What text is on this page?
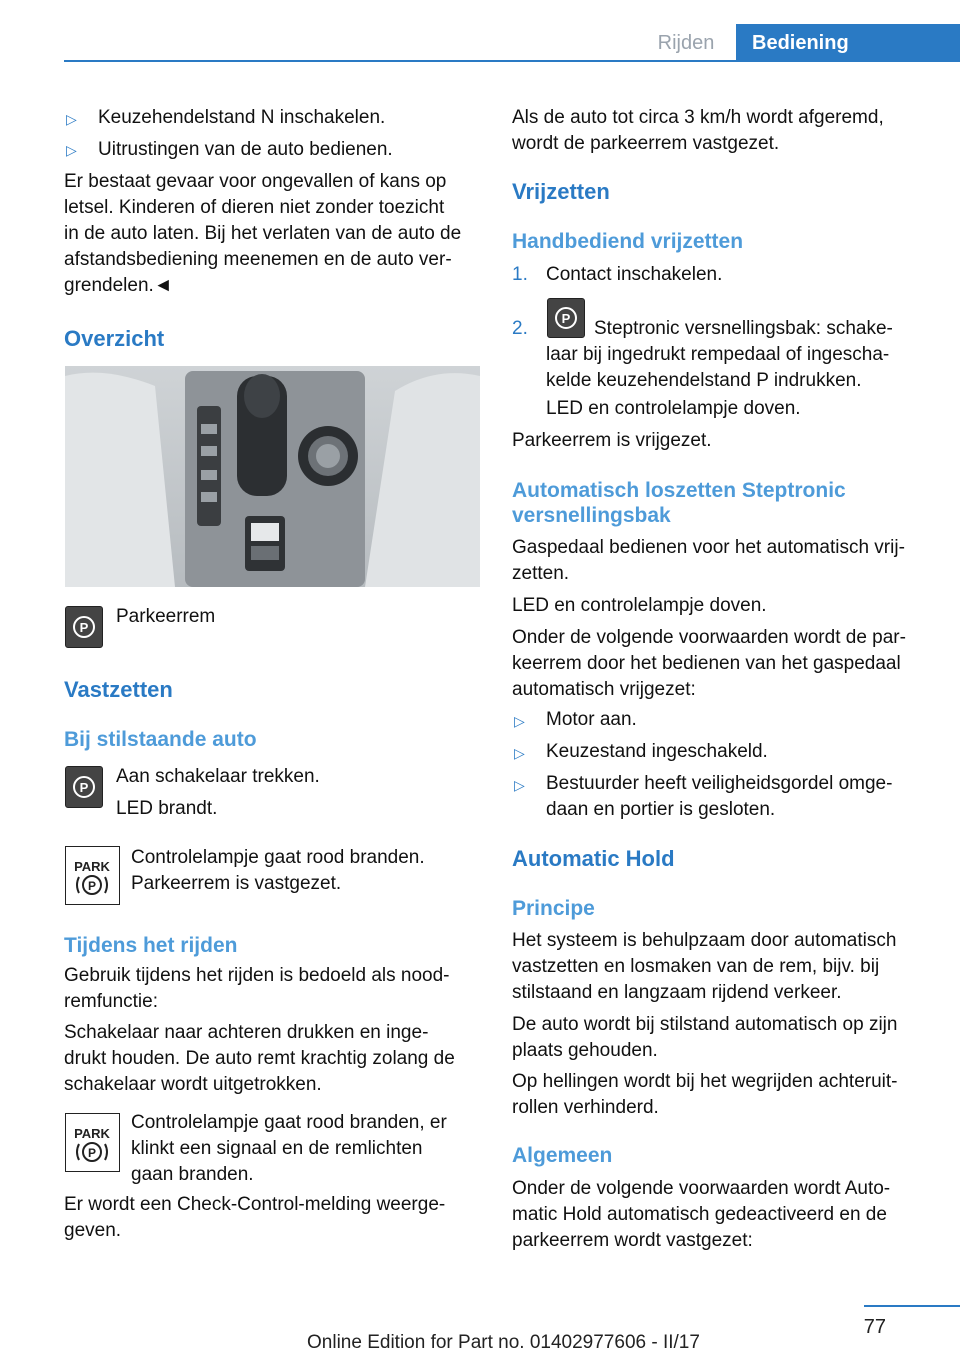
Rijden	Bediening
▷ Keuzehendelstand N inschakelen.
▷ Uitrustingen van de auto bedienen.
Er bestaat gevaar voor ongevallen of kans op
letsel. Kinderen of dieren niet zonder toezicht
in de auto laten. Bij het verlaten van de auto de
afstandsbediening meenemen en de auto ver-
grendelen.◄
Overzicht
P
Parkeerrem
Vastzetten
Bij stilstaande auto
P
Aan schakelaar trekken.
LED brandt.
PARK
P
Controlelampje gaat rood branden.
Parkeerrem is vastgezet.
Tijdens het rijden
Gebruik tijdens het rijden is bedoeld als nood-
remfunctie:
Schakelaar naar achteren drukken en inge-
drukt houden. De auto remt krachtig zolang de
schakelaar wordt uitgetrokken.
PARK
P
Controlelampje gaat rood branden, er
klinkt een signaal en de remlichten
gaan branden.
Er wordt een Check-Control-melding weerge-
geven.
Als de auto tot circa 3 km/h wordt afgeremd,
wordt de parkeerrem vastgezet.
Vrijzetten
Handbediend vrijzetten
1. Contact inschakelen.
2.	P Steptronic versnellingsbak: schake-
laar bij ingedrukt rempedaal of ingescha-
kelde keuzehendelstand P indrukken.
LED en controlelampje doven.
Parkeerrem is vrijgezet.
Automatisch loszetten Steptronic
versnellingsbak
Gaspedaal bedienen voor het automatisch vrij-
zetten.
LED en controlelampje doven.
Onder de volgende voorwaarden wordt de par-
keerrem door het bedienen van het gaspedaal
automatisch vrijgezet:
▷ Motor aan.
▷ Keuzestand ingeschakeld.
▷ Bestuurder heeft veiligheidsgordel omge-
daan en portier is gesloten.
Automatic Hold
Principe
Het systeem is behulpzaam door automatisch
vastzetten en losmaken van de rem, bijv. bij
stilstaand en langzaam rijdend verkeer.
De auto wordt bij stilstand automatisch op zijn
plaats gehouden.
Op hellingen wordt bij het wegrijden achteruit-
rollen verhinderd.
Algemeen
Onder de volgende voorwaarden wordt Auto-
matic Hold automatisch gedeactiveerd en de
parkeerrem wordt vastgezet:
77
Online Edition for Part no. 01402977606 - II/17
